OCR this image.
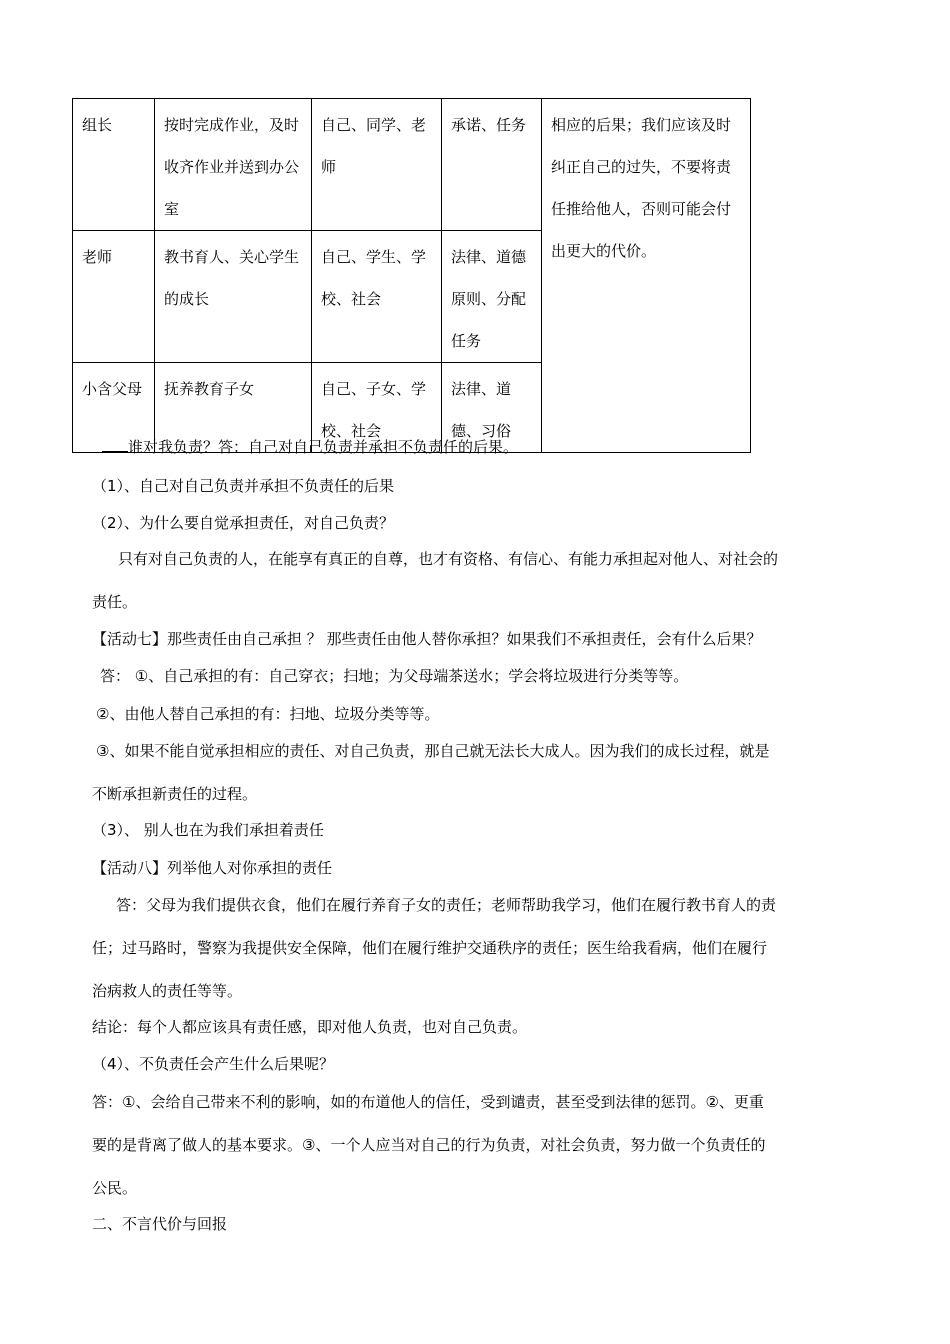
组长	按时完成作业，及时收齐作业并送到办公室	自己、同学、老师	承诺、任务	相应的后果；我们应该及时纠正自己的过失，不要将责任推给他人，否则可能会付出更大的代价。
老师	教书育人、关心学生的成长	自己、学生、学校、社会	法律、道德原则、分配任务	
小含父母	抚养教育子女	自己、子女、学校、社会	法律、道德、习俗	
谁对我负责？答：自己对自己负责并承担不负责任的后果。
（1）、自己对自己负责并承担不负责任的后果
（2）、为什么要自觉承担责任，对自己负责？
只有对自己负责的人，在能享有真正的自尊，也才有资格、有信心、有能力承担起对他人、对社会的
责任。
【活动七】那些责任由自己承担 ？ 那些责任由他人替你承担？如果我们不承担责任，会有什么后果？
答： ①、自己承担的有：自己穿衣；扫地；为父母端茶送水；学会将垃圾进行分类等等。
②、由他人替自己承担的有：扫地、垃圾分类等等。
③、如果不能自觉承担相应的责任、对自己负责，那自己就无法长大成人。因为我们的成长过程，就是
不断承担新责任的过程。
（3）、 别人也在为我们承担着责任
【活动八】列举他人对你承担的责任
答：父母为我们提供衣食，他们在履行养育子女的责任；老师帮助我学习，他们在履行教书育人的责
任；过马路时，警察为我提供安全保障，他们在履行维护交通秩序的责任；医生给我看病，他们在履行
治病救人的责任等等。
结论：每个人都应该具有责任感，即对他人负责，也对自己负责。
（4）、不负责任会产生什么后果呢？
答：①、会给自己带来不利的影响，如的布道他人的信任，受到谴责，甚至受到法律的惩罚。②、更重
要的是背离了做人的基本要求。③、一个人应当对自己的行为负责，对社会负责，努力做一个负责任的
公民。
二、不言代价与回报
